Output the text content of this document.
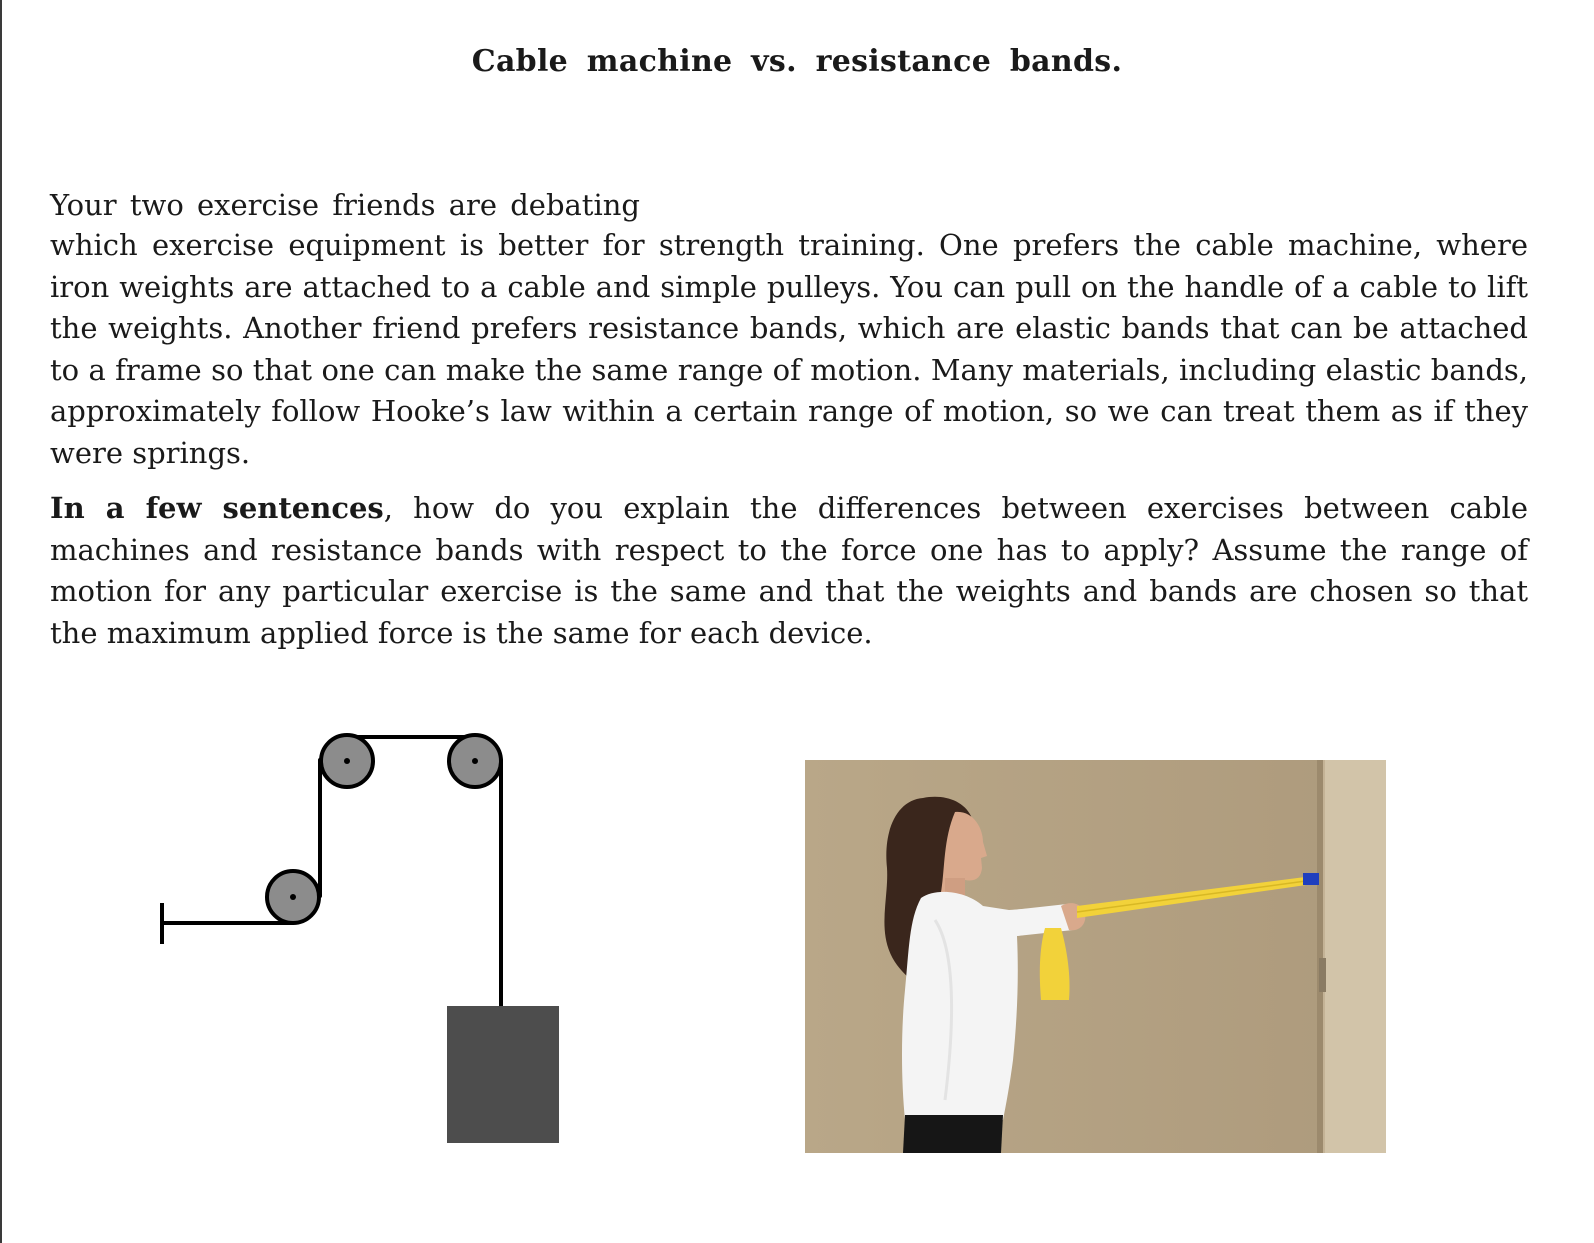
Cable machine vs. resistance bands.
Your two exercise friends are debating

which exercise equipment is better for strength training. One prefers the cable machine, where iron weights are attached to a cable and simple pulleys. You can pull on the handle of a cable to lift the weights. Another friend prefers resistance bands, which are elastic bands that can be attached to a frame so that one can make the same range of motion. Many materials, including elastic bands, approximately follow Hooke’s law within a certain range of motion, so we can treat them as if they were springs.

In a few sentences, how do you explain the differences between exercises between cable machines and resistance bands with respect to the force one has to apply? Assume the range of motion for any particular exercise is the same and that the weights and bands are chosen so that the maximum applied force is the same for each device.
